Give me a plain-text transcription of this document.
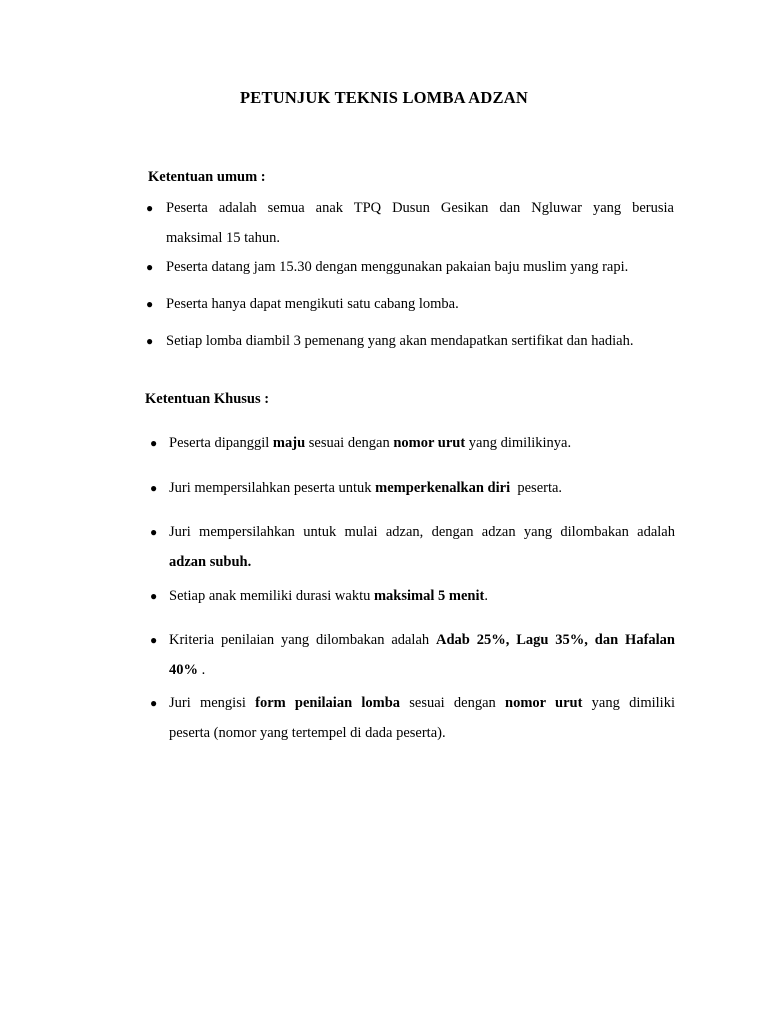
PETUNJUK TEKNIS LOMBA ADZAN
Ketentuan umum :
● Peserta adalah semua anak TPQ Dusun Gesikan dan Ngluwar yang berusia
maksimal 15 tahun.
● Peserta datang jam 15.30 dengan menggunakan pakaian baju muslim yang rapi.
● Peserta hanya dapat mengikuti satu cabang lomba.
● Setiap lomba diambil 3 pemenang yang akan mendapatkan sertifikat dan hadiah.
Ketentuan Khusus :
● Peserta dipanggil maju sesuai dengan nomor urut yang dimilikinya.
● Juri mempersilahkan peserta untuk memperkenalkan diri  peserta.
● Juri mempersilahkan untuk mulai adzan, dengan adzan yang dilombakan adalah
adzan subuh.
● Setiap anak memiliki durasi waktu maksimal 5 menit.
● Kriteria penilaian yang dilombakan adalah Adab 25%, Lagu 35%, dan Hafalan
40% .
● Juri mengisi form penilaian lomba sesuai dengan nomor urut yang dimiliki
peserta (nomor yang tertempel di dada peserta).
